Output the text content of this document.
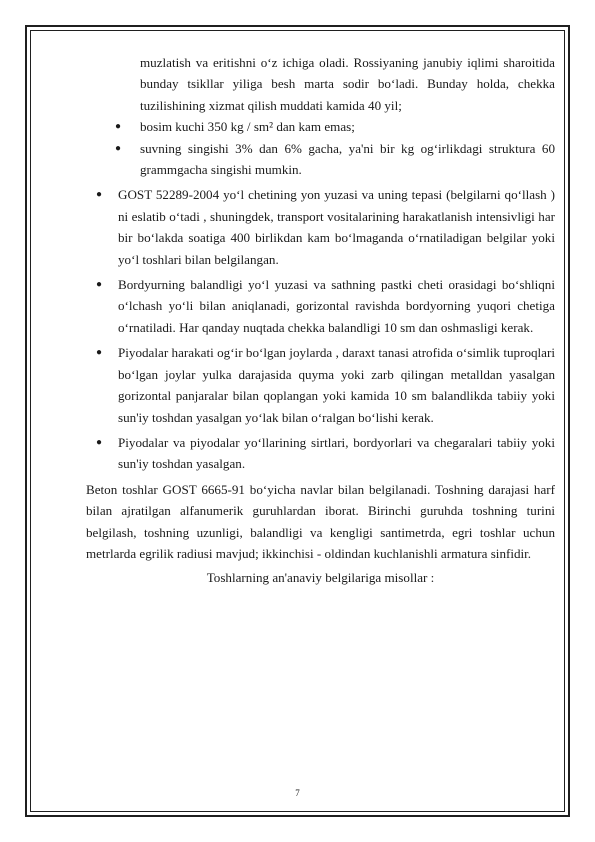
muzlatish va eritishni o‘z ichiga oladi. Rossiyaning janubiy iqlimi sharoitida bunday tsikllar yiliga besh marta sodir bo‘ladi. Bunday holda, chekka tuzilishining xizmat qilish muddati kamida 40 yil;

● bosim kuchi 350 kg / sm² dan kam emas;

● suvning singishi 3% dan 6% gacha, ya'ni bir kg og‘irlikdagi struktura 60 grammgacha singishi mumkin.

● GOST 52289-2004 yo‘l chetining yon yuzasi va uning tepasi (belgilarni qo‘llash ) ni eslatib o‘tadi , shuningdek, transport vositalarining harakatlanish intensivligi har bir bo‘lakda soatiga 400 birlikdan kam bo‘lmaganda o‘rnatiladigan belgilar yoki yo‘l toshlari bilan belgilangan.

● Bordyurning balandligi yo‘l yuzasi va sathning pastki cheti orasidagi bo‘shliqni o‘lchash yo‘li bilan aniqlanadi, gorizontal ravishda bordyorning yuqori chetiga o‘rnatiladi. Har qanday nuqtada chekka balandligi 10 sm dan oshmasligi kerak.

● Piyodalar harakati og‘ir bo‘lgan joylarda , daraxt tanasi atrofida o‘simlik tuproqlari bo‘lgan joylar yulka darajasida quyma yoki zarb qilingan metalldan yasalgan gorizontal panjaralar bilan qoplangan yoki kamida 10 sm balandlikda tabiiy yoki sun'iy toshdan yasalgan yo‘lak bilan o‘ralgan bo‘lishi kerak.

● Piyodalar va piyodalar yo‘llarining sirtlari, bordyorlari va chegaralari tabiiy yoki sun'iy toshdan yasalgan.

Beton toshlar GOST 6665-91 bo‘yicha navlar bilan belgilanadi. Toshning darajasi harf bilan ajratilgan alfanumerik guruhlardan iborat. Birinchi guruhda toshning turini belgilash, toshning uzunligi, balandligi va kengligi santimetrda, egri toshlar uchun metrlarda egrilik radiusi mavjud; ikkinchisi - oldindan kuchlanishli armatura sinfidir.

Toshlarning an'anaviy belgilariga misollar :

7
